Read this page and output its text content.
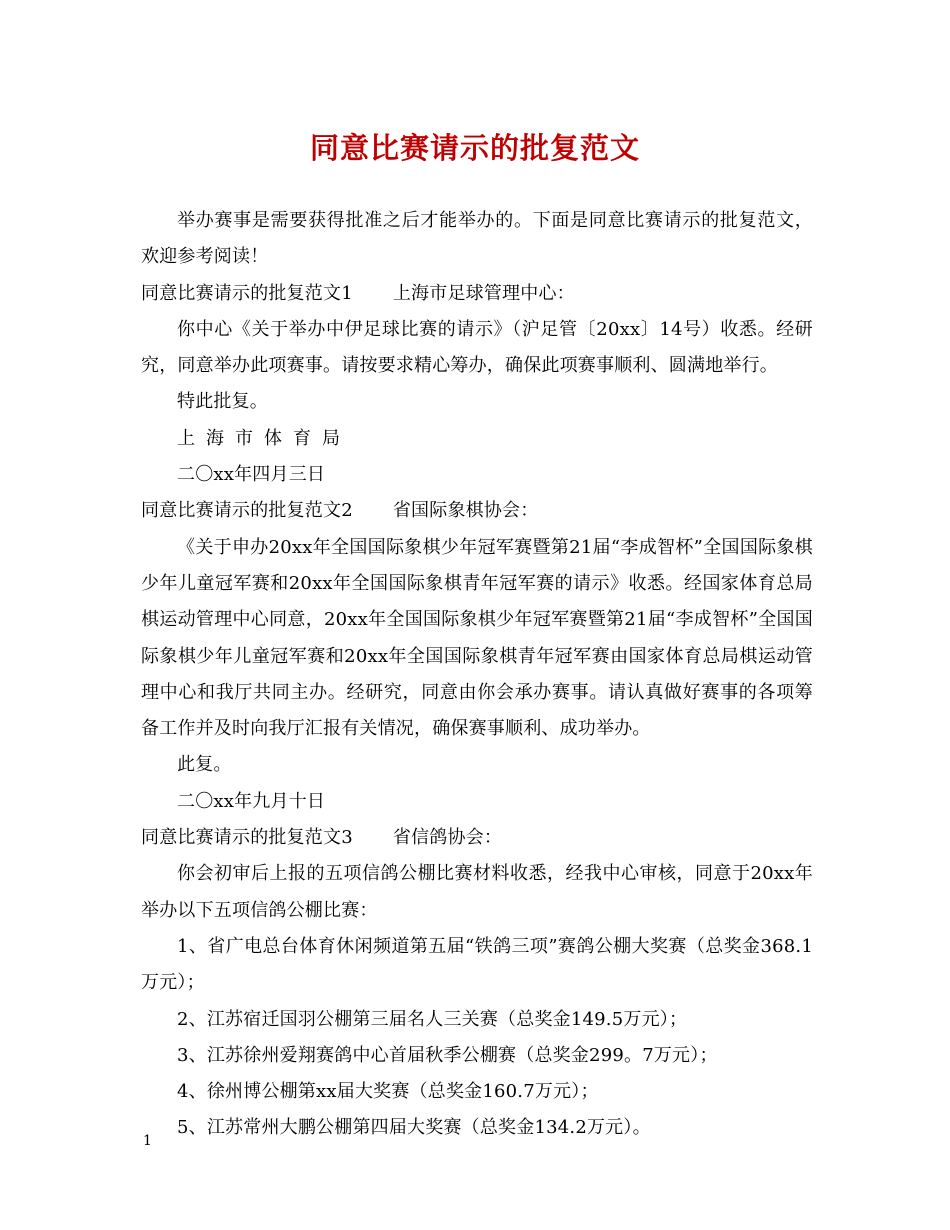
同意比赛请示的批复范文

举办赛事是需要获得批准之后才能举办的。下面是同意比赛请示的批复范文，欢迎参考阅读！

同意比赛请示的批复范文1 上海市足球管理中心：

你中心《关于举办中伊足球比赛的请示》（沪足管〔20xx〕14号）收悉。经研究，同意举办此项赛事。请按要求精心筹办，确保此项赛事顺利、圆满地举行。

特此批复。

上海市体育局

二〇xx年四月三日

同意比赛请示的批复范文2 省国际象棋协会：

《关于申办20xx年全国国际象棋少年冠军赛暨第21届“李成智杯”全国国际象棋少年儿童冠军赛和20xx年全国国际象棋青年冠军赛的请示》收悉。经国家体育总局棋运动管理中心同意，20xx年全国国际象棋少年冠军赛暨第21届“李成智杯”全国国际象棋少年儿童冠军赛和20xx年全国国际象棋青年冠军赛由国家体育总局棋运动管理中心和我厅共同主办。经研究，同意由你会承办赛事。请认真做好赛事的各项筹备工作并及时向我厅汇报有关情况，确保赛事顺利、成功举办。

此复。

二〇xx年九月十日

同意比赛请示的批复范文3 省信鸽协会：

你会初审后上报的五项信鸽公棚比赛材料收悉，经我中心审核，同意于20xx年举办以下五项信鸽公棚比赛：

1、省广电总台体育休闲频道第五届“铁鸽三项”赛鸽公棚大奖赛（总奖金368.1万元）；

2、江苏宿迁国羽公棚第三届名人三关赛（总奖金149.5万元）；

3、江苏徐州爱翔赛鸽中心首届秋季公棚赛（总奖金299。7万元）；

4、徐州博公棚第xx届大奖赛（总奖金160.7万元）；

5、江苏常州大鹏公棚第四届大奖赛（总奖金134.2万元）。

1
